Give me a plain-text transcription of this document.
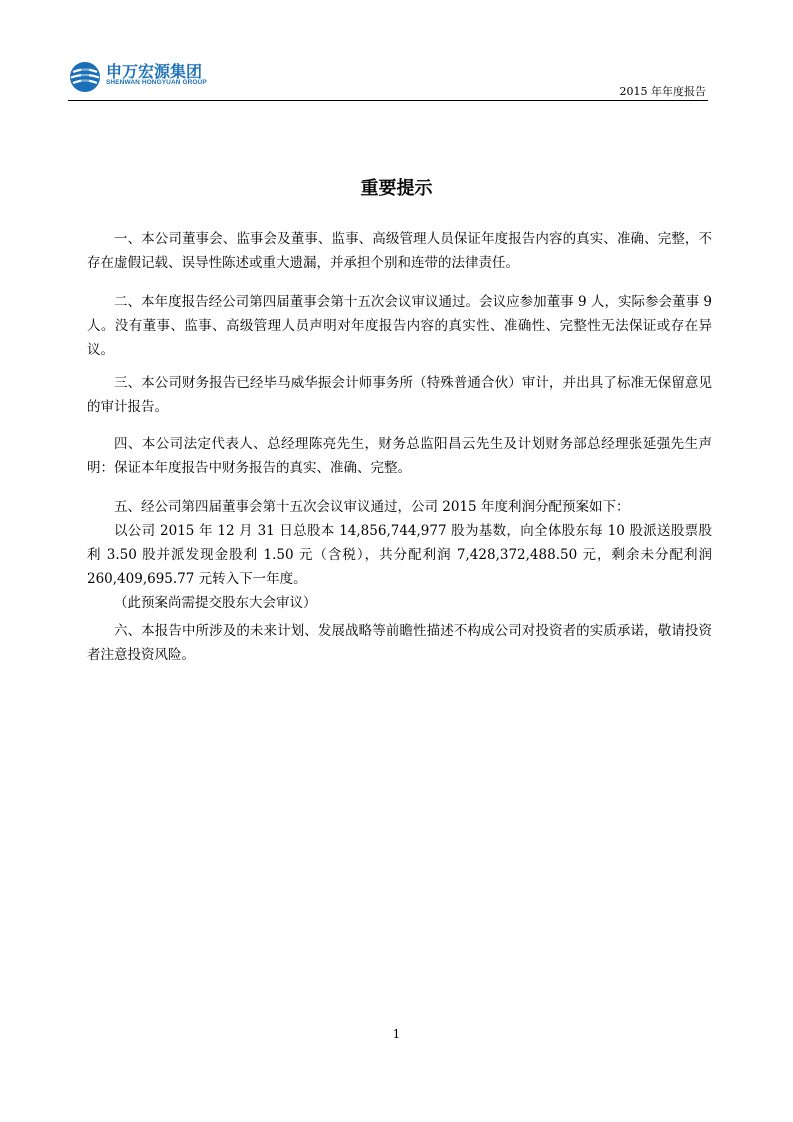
申万宏源集团
SHENWAN HONGYUAN GROUP
2015 年年度报告
重要提示

一、本公司董事会、监事会及董事、监事、高级管理人员保证年度报告内容的真实、准确、完整，不存在虚假记载、误导性陈述或重大遗漏，并承担个别和连带的法律责任。

二、本年度报告经公司第四届董事会第十五次会议审议通过。会议应参加董事 9 人，实际参会董事 9 人。没有董事、监事、高级管理人员声明对年度报告内容的真实性、准确性、完整性无法保证或存在异议。

三、本公司财务报告已经毕马威华振会计师事务所（特殊普通合伙）审计，并出具了标准无保留意见的审计报告。

四、本公司法定代表人、总经理陈亮先生，财务总监阳昌云先生及计划财务部总经理张延强先生声明：保证本年度报告中财务报告的真实、准确、完整。

五、经公司第四届董事会第十五次会议审议通过，公司 2015 年度利润分配预案如下：
以公司 2015 年 12 月 31 日总股本 14,856,744,977 股为基数，向全体股东每 10 股派送股票股利 3.50 股并派发现金股利 1.50 元（含税），共分配利润 7,428,372,488.50 元，剩余未分配利润 260,409,695.77 元转入下一年度。
（此预案尚需提交股东大会审议）

六、本报告中所涉及的未来计划、发展战略等前瞻性描述不构成公司对投资者的实质承诺，敬请投资者注意投资风险。

1
